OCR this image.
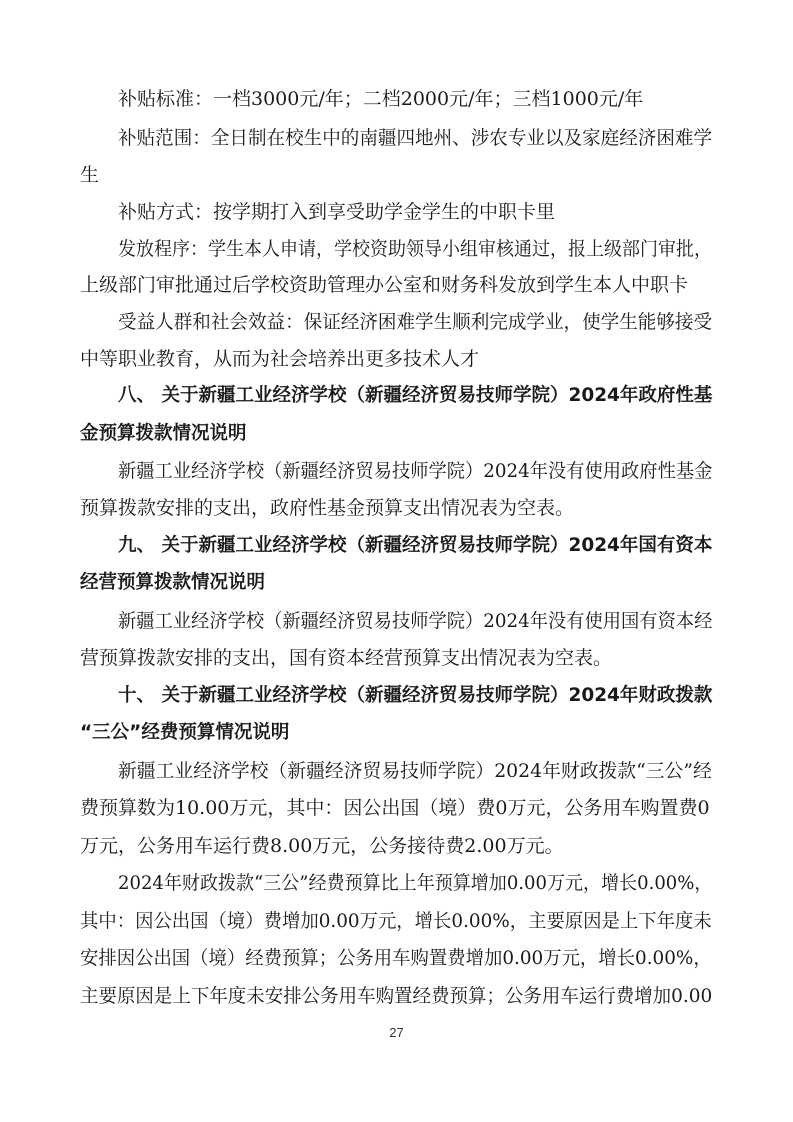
补贴标准：一档3000元/年；二档2000元/年；三档1000元/年
补贴范围：全日制在校生中的南疆四地州、涉农专业以及家庭经济困难学
生
补贴方式：按学期打入到享受助学金学生的中职卡里
发放程序：学生本人申请，学校资助领导小组审核通过，报上级部门审批，
上级部门审批通过后学校资助管理办公室和财务科发放到学生本人中职卡
受益人群和社会效益：保证经济困难学生顺利完成学业，使学生能够接受
中等职业教育，从而为社会培养出更多技术人才
八、 关于新疆工业经济学校（新疆经济贸易技师学院）2024年政府性基
金预算拨款情况说明
新疆工业经济学校（新疆经济贸易技师学院）2024年没有使用政府性基金
预算拨款安排的支出，政府性基金预算支出情况表为空表。
九、 关于新疆工业经济学校（新疆经济贸易技师学院）2024年国有资本
经营预算拨款情况说明
新疆工业经济学校（新疆经济贸易技师学院）2024年没有使用国有资本经
营预算拨款安排的支出，国有资本经营预算支出情况表为空表。
十、 关于新疆工业经济学校（新疆经济贸易技师学院）2024年财政拨款
“三公”经费预算情况说明
新疆工业经济学校（新疆经济贸易技师学院）2024年财政拨款“三公”经
费预算数为10.00万元，其中：因公出国（境）费0万元，公务用车购置费0
万元，公务用车运行费8.00万元，公务接待费2.00万元。
2024年财政拨款“三公”经费预算比上年预算增加0.00万元，增长0.00%，
其中：因公出国（境）费增加0.00万元，增长0.00%，主要原因是上下年度未
安排因公出国（境）经费预算；公务用车购置费增加0.00万元，增长0.00%，
主要原因是上下年度未安排公务用车购置经费预算；公务用车运行费增加0.00
27
